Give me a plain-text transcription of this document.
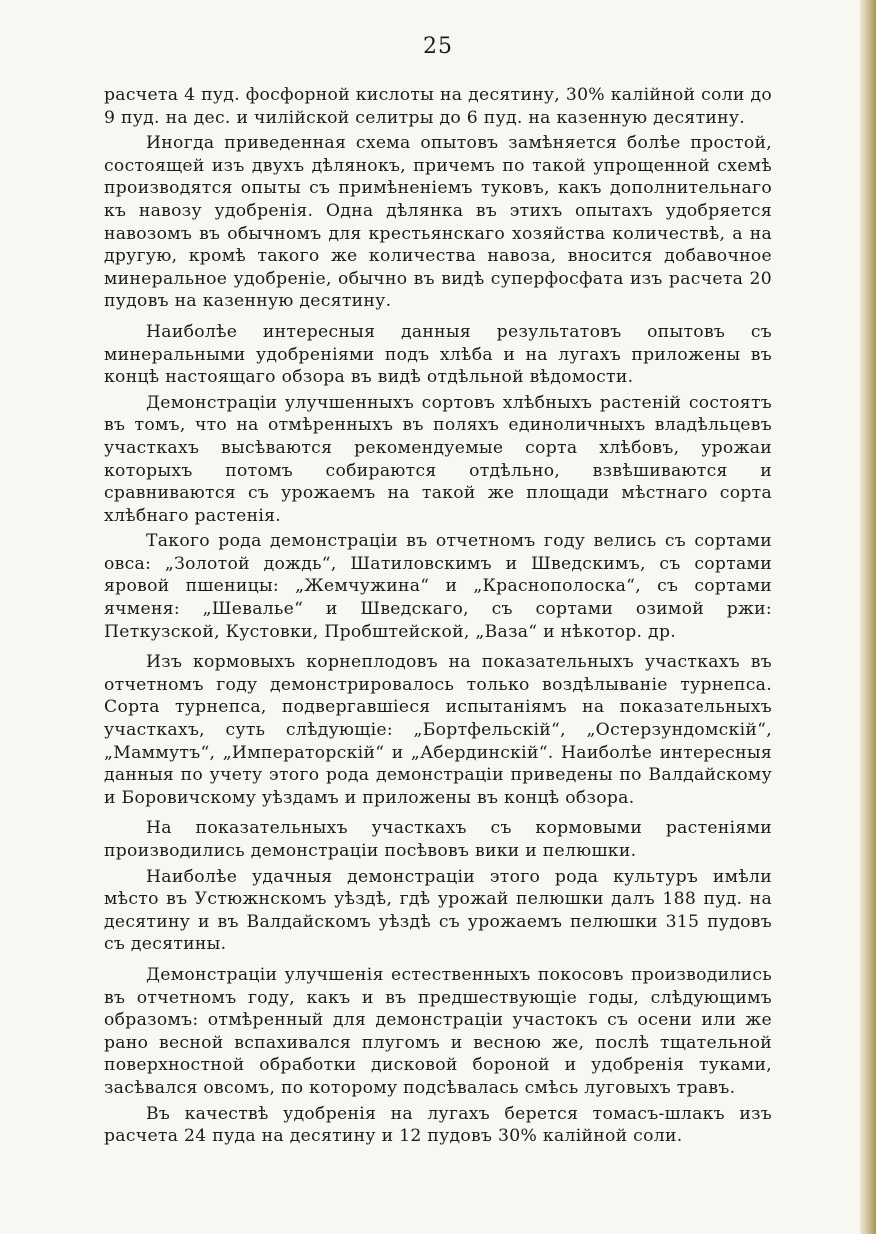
25

расчета 4 пуд. фосфорной кислоты на десятину, 30% калійной соли до 9 пуд. на дес. и чилійской селитры до 6 пуд. на казенную десятину.

Иногда приведенная схема опытовъ замѣняется болѣе простой, состоящей изъ двухъ дѣлянокъ, причемъ по такой упрощенной схемѣ производятся опыты съ примѣненіемъ туковъ, какъ дополнительнаго къ навозу удобренія. Одна дѣлянка въ этихъ опытахъ удобряется навозомъ въ обычномъ для крестьянскаго хозяйства количествѣ, а на другую, кромѣ такого же количества навоза, вносится добавочное минеральное удобреніе, обычно въ видѣ суперфосфата изъ расчета 20 пудовъ на казенную десятину.

Наиболѣе интересныя данныя результатовъ опытовъ съ минеральными удобреніями подъ хлѣба и на лугахъ приложены въ концѣ настоящаго обзора въ видѣ отдѣльной вѣдомости.

Демонстраціи улучшенныхъ сортовъ хлѣбныхъ растеній состоятъ въ томъ, что на отмѣренныхъ въ поляхъ единоличныхъ владѣльцевъ участкахъ высѣваются рекомендуемые сорта хлѣбовъ, урожаи которыхъ потомъ собираются отдѣльно, взвѣшиваются и сравниваются съ урожаемъ на такой же площади мѣстнаго сорта хлѣбнаго растенія.

Такого рода демонстраціи въ отчетномъ году велись съ сортами овса: „Золотой дождь“, Шатиловскимъ и Шведскимъ, съ сортами яровой пшеницы: „Жемчужина“ и „Краснополоска“, съ сортами ячменя: „Шевалье“ и Шведскаго, съ сортами озимой ржи: Петкузской, Кустовки, Пробштейской, „Ваза“ и нѣкотор. др.

Изъ кормовыхъ корнеплодовъ на показательныхъ участкахъ въ отчетномъ году демонстрировалось только воздѣлываніе турнепса. Сорта турнепса, подвергавшіеся испытаніямъ на показательныхъ участкахъ, суть слѣдующіе: „Бортфельскій“, „Остерзундомскій“, „Маммутъ“, „Императорскій“ и „Абердинскій“. Наиболѣе интересныя данныя по учету этого рода демонстраціи приведены по Валдайскому и Боровичскому уѣздамъ и приложены въ концѣ обзора.

На показательныхъ участкахъ съ кормовыми растеніями производились демонстраціи посѣвовъ вики и пелюшки.

Наиболѣе удачныя демонстраціи этого рода культуръ имѣли мѣсто въ Устюжнскомъ уѣздѣ, гдѣ урожай пелюшки далъ 188 пуд. на десятину и въ Валдайскомъ уѣздѣ съ урожаемъ пелюшки 315 пудовъ съ десятины.

Демонстраціи улучшенія естественныхъ покосовъ производились въ отчетномъ году, какъ и въ предшествующіе годы, слѣдующимъ образомъ: отмѣренный для демонстраціи участокъ съ осени или же рано весной вспахивался плугомъ и весною же, послѣ тщательной поверхностной обработки дисковой бороной и удобренія туками, засѣвался овсомъ, по которому подсѣвалась смѣсь луговыхъ травъ.

Въ качествѣ удобренія на лугахъ берется томасъ-шлакъ изъ расчета 24 пуда на десятину и 12 пудовъ 30% калійной соли.
